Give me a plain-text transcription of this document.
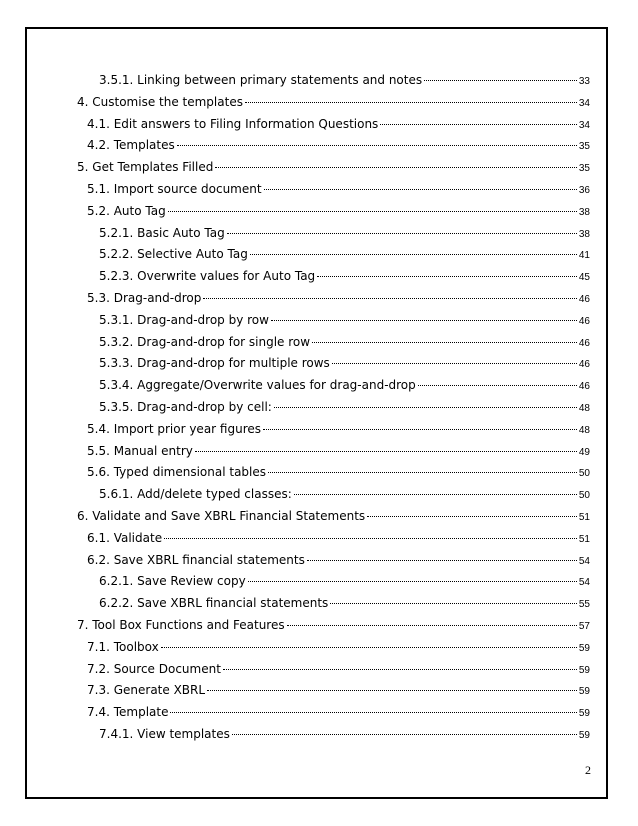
3.5.1. Linking between primary statements and notes	33
4. Customise the templates	34
4.1. Edit answers to Filing Information Questions	34
4.2. Templates	35
5. Get Templates Filled	35
5.1. Import source document	36
5.2. Auto Tag	38
5.2.1. Basic Auto Tag	38
5.2.2. Selective Auto Tag	41
5.2.3. Overwrite values for Auto Tag	45
5.3. Drag-and-drop	46
5.3.1. Drag-and-drop by row	46
5.3.2. Drag-and-drop for single row	46
5.3.3. Drag-and-drop for multiple rows	46
5.3.4. Aggregate/Overwrite values for drag-and-drop	46
5.3.5. Drag-and-drop by cell:	48
5.4. Import prior year figures	48
5.5. Manual entry	49
5.6. Typed dimensional tables	50
5.6.1. Add/delete typed classes:	50
6. Validate and Save XBRL Financial Statements	51
6.1. Validate	51
6.2. Save XBRL financial statements	54
6.2.1. Save Review copy	54
6.2.2. Save XBRL financial statements	55
7. Tool Box Functions and Features	57
7.1. Toolbox	59
7.2. Source Document	59
7.3. Generate XBRL	59
7.4. Template	59
7.4.1. View templates	59
2
